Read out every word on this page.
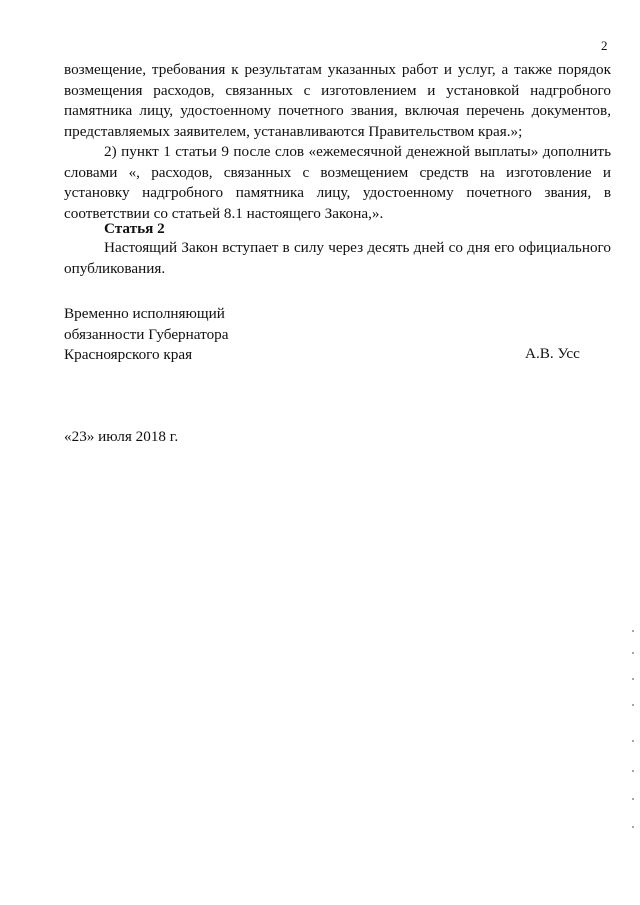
2

возмещение, требования к результатам указанных работ и услуг, а также порядок возмещения расходов, связанных с изготовлением и установкой надгробного памятника лицу, удостоенному почетного звания, включая перечень документов, представляемых заявителем, устанавливаются Правительством края.»;

2) пункт 1 статьи 9 после слов «ежемесячной денежной выплаты» дополнить словами «, расходов, связанных с возмещением средств на изготовление и установку надгробного памятника лицу, удостоенному почетного звания, в соответствии со статьей 8.1 настоящего Закона,».

Статья 2

Настоящий Закон вступает в силу через десять дней со дня его официального опубликования.

Временно исполняющий
обязанности Губернатора
Красноярского края	А.В. Усс
«23» июля 2018 г.
